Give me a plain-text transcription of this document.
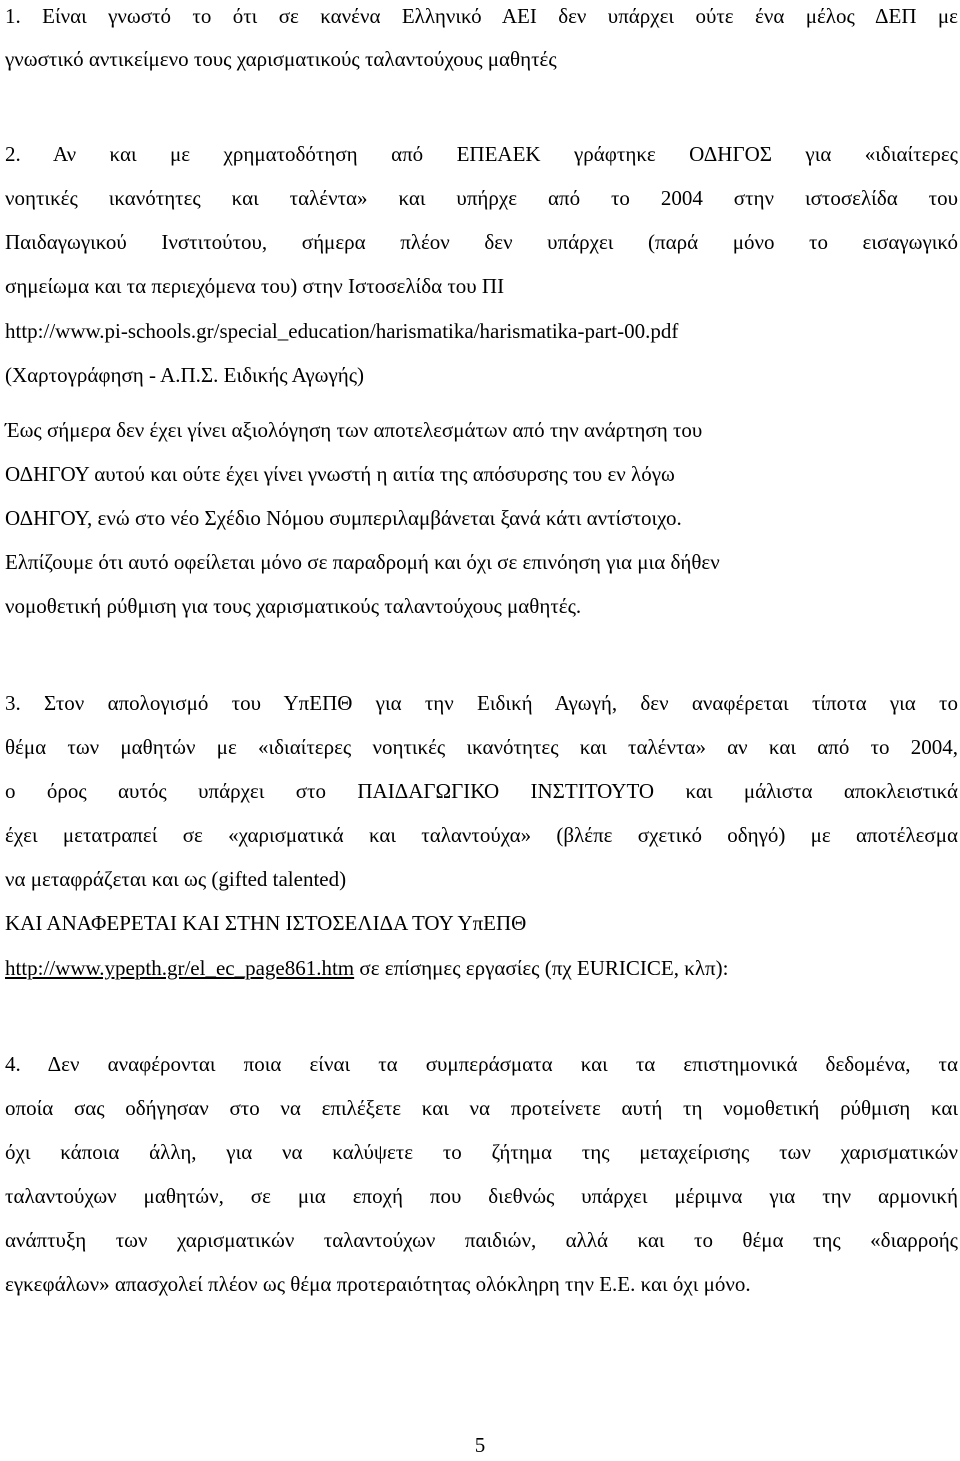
1. Είναι γνωστό το ότι σε κανένα Ελληνικό ΑΕΙ δεν υπάρχει ούτε ένα μέλος ΔΕΠ με
γνωστικό αντικείμενο τους χαρισματικούς ταλαντούχους μαθητές
2. Αν και με χρηματοδότηση από ΕΠΕΑΕΚ γράφτηκε ΟΔΗΓΟΣ για «ιδιαίτερες
νοητικές ικανότητες και ταλέντα» και υπήρχε από το 2004 στην ιστοσελίδα του
Παιδαγωγικού Ινστιτούτου, σήμερα πλέον δεν υπάρχει (παρά μόνο το εισαγωγικό
σημείωμα και τα περιεχόμενα του) στην Ιστοσελίδα του ΠΙ
http://www.pi-schools.gr/special_education/harismatika/harismatika-part-00.pdf
(Χαρτογράφηση - Α.Π.Σ. Ειδικής Αγωγής)
Έως σήμερα δεν έχει γίνει αξιολόγηση των αποτελεσμάτων από την ανάρτηση του
ΟΔΗΓΟΥ αυτού και ούτε έχει γίνει γνωστή η αιτία της απόσυρσης του εν λόγω
ΟΔΗΓΟΥ, ενώ στο νέο Σχέδιο Νόμου συμπεριλαμβάνεται ξανά κάτι αντίστοιχο.
Ελπίζουμε ότι αυτό οφείλεται μόνο σε παραδρομή και όχι σε επινόηση για μια δήθεν
νομοθετική ρύθμιση για τους χαρισματικούς ταλαντούχους μαθητές.
3. Στον απολογισμό του ΥπΕΠΘ για την Ειδική Αγωγή, δεν αναφέρεται τίποτα για το
θέμα των μαθητών με «ιδιαίτερες νοητικές ικανότητες και ταλέντα» αν και από το 2004,
ο όρος αυτός υπάρχει στο ΠΑΙΔΑΓΩΓΙΚΟ ΙΝΣΤΙΤΟΥΤΟ και μάλιστα αποκλειστικά
έχει μετατραπεί σε «χαρισματικά και ταλαντούχα» (βλέπε σχετικό οδηγό) με αποτέλεσμα
να μεταφράζεται και ως (gifted talented)
ΚΑΙ ΑΝΑΦΕΡΕΤΑΙ ΚΑΙ ΣΤΗΝ ΙΣΤΟΣΕΛΙΔΑ ΤΟΥ ΥπΕΠΘ
http://www.ypepth.gr/el_ec_page861.htm σε επίσημες εργασίες (πχ EURICICE, κλπ):
4. Δεν αναφέρονται ποια είναι τα συμπεράσματα και τα επιστημονικά δεδομένα, τα
οποία σας οδήγησαν στο να επιλέξετε και να προτείνετε αυτή τη νομοθετική ρύθμιση και
όχι κάποια άλλη, για να καλύψετε το ζήτημα της μεταχείρισης των χαρισματικών
ταλαντούχων μαθητών, σε μια εποχή που διεθνώς υπάρχει μέριμνα για την αρμονική
ανάπτυξη των χαρισματικών ταλαντούχων παιδιών, αλλά και το θέμα της «διαρροής
εγκεφάλων» απασχολεί πλέον ως θέμα προτεραιότητας ολόκληρη την Ε.Ε. και όχι μόνο.
5
